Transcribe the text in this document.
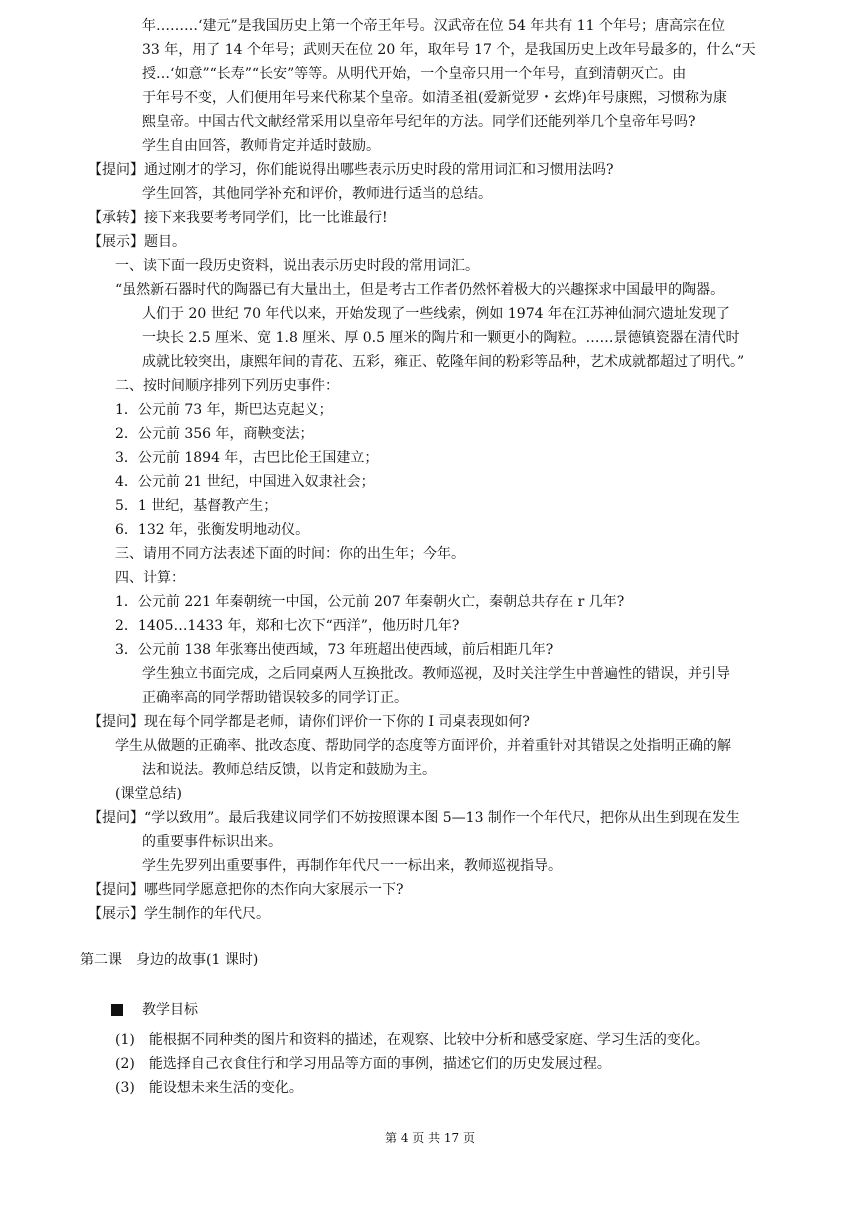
年………‘建元”是我国历史上第一个帝王年号。汉武帝在位 54 年共有 11 个年号；唐高宗在位
33 年，用了 14 个年号；武则天在位 20 年，取年号 17 个，是我国历史上改年号最多的，什么“天
授…‘如意”“长寿”“长安”等等。从明代开始，一个皇帝只用一个年号，直到清朝灭亡。由
于年号不变，人们便用年号来代称某个皇帝。如清圣祖(爱新觉罗・玄烨)年号康熙，习惯称为康
熙皇帝。中国古代文献经常采用以皇帝年号纪年的方法。同学们还能列举几个皇帝年号吗?
学生自由回答，教师肯定并适时鼓励。
【提问】通过刚才的学习，你们能说得出哪些表示历史时段的常用词汇和习惯用法吗?
学生回答，其他同学补充和评价，教师进行适当的总结。
【承转】接下来我要考考同学们，比一比谁最行!
【展示】题目。
一、读下面一段历史资料，说出表示历史时段的常用词汇。
“虽然新石器时代的陶器已有大量出土，但是考古工作者仍然怀着极大的兴趣探求中国最甲的陶器。
人们于 20 世纪 70 年代以来，开始发现了一些线索，例如 1974 年在江苏神仙洞穴遗址发现了
一块长 2.5 厘米、宽 1.8 厘米、厚 0.5 厘米的陶片和一颗更小的陶粒。……景德镇瓷器在清代时
成就比较突出，康熙年间的青花、五彩，雍正、乾隆年间的粉彩等品种，艺术成就都超过了明代。”
二、按时间顺序排列下列历史事件：
1．公元前 73 年，斯巴达克起义；
2．公元前 356 年，商鞅变法；
3．公元前 1894 年，古巴比伦王国建立；
4．公元前 21 世纪，中国进入奴隶社会；
5．1 世纪，基督教产生；
6．132 年，张衡发明地动仪。
三、请用不同方法表述下面的时间：你的出生年；今年。
四、计算：
1．公元前 221 年秦朝统一中国，公元前 207 年秦朝火亡，秦朝总共存在 r 几年?
2．1405…1433 年，郑和七次下“西洋”，他历时几年?
3．公元前 138 年张骞出使西域，73 年班超出使西域，前后相距几年?
学生独立书面完成，之后同桌两人互换批改。教师巡视，及时关注学生中普遍性的错误，并引导
正确率高的同学帮助错误较多的同学订正。
【提问】现在每个同学都是老师，请你们评价一下你的 I 司桌表现如何?
学生从做题的正确率、批改态度、帮助同学的态度等方面评价，并着重针对其错误之处指明正确的解
法和说法。教师总结反馈，以肯定和鼓励为主。
(课堂总结)
【提问】“学以致用”。最后我建议同学们不妨按照课本图 5—13 制作一个年代尺，把你从出生到现在发生
的重要事件标识出来。
学生先罗列出重要事件，再制作年代尺一一标出来，教师巡视指导。
【提问】哪些同学愿意把你的杰作向大家展示一下?
【展示】学生制作的年代尺。
第二课　身边的故事(1 课时)
教学目标
(1)　能根据不同种类的图片和资料的描述，在观察、比较中分析和感受家庭、学习生活的变化。
(2)　能选择自己衣食住行和学习用品等方面的事例，描述它们的历史发展过程。
(3)　能设想未来生活的变化。
第 4 页 共 17 页
